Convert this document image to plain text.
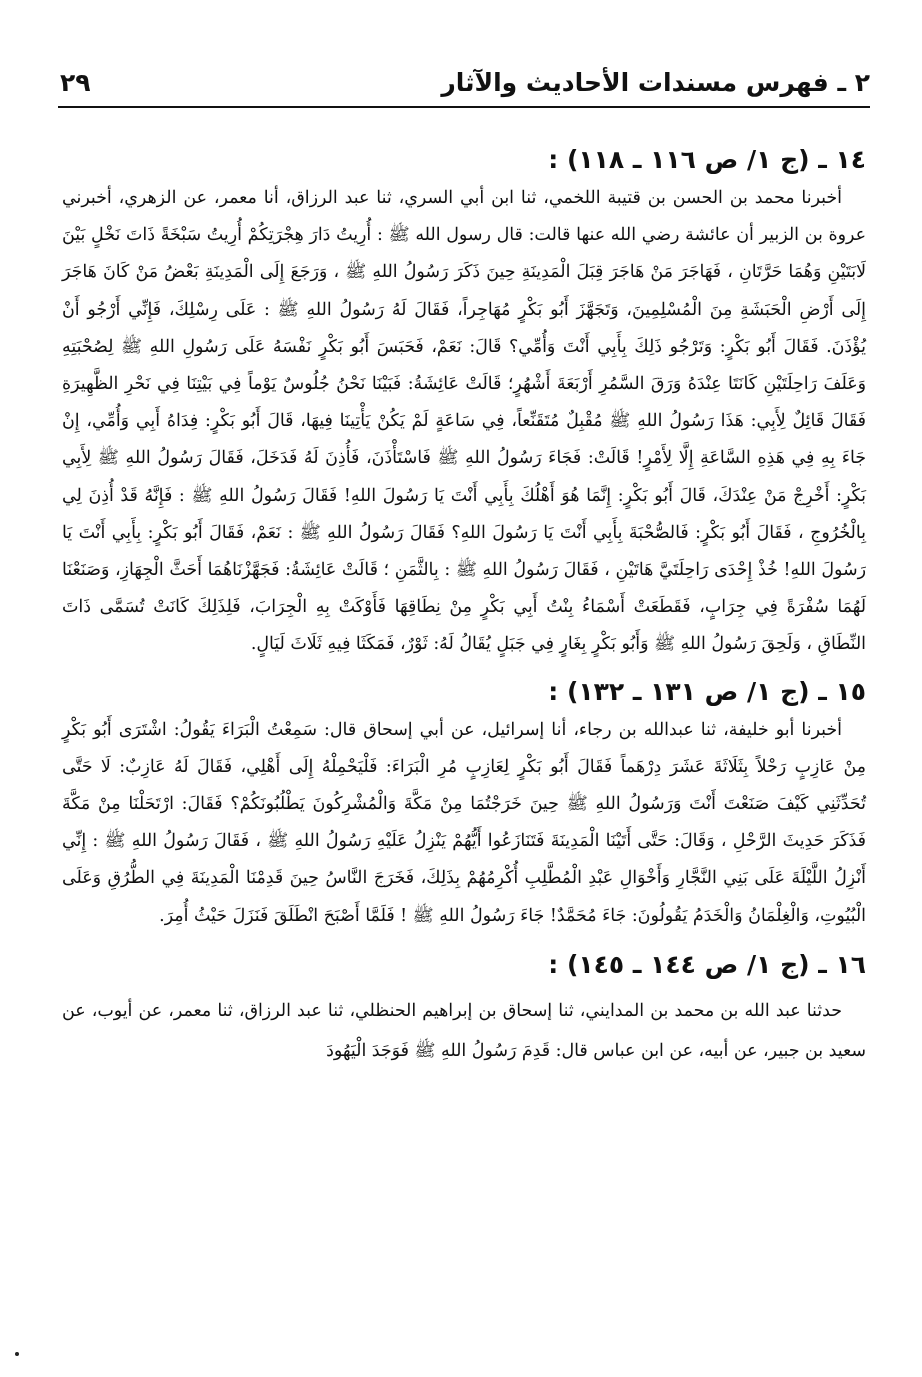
٢ ـ فهرس مسندات الأحاديث والآثار
٢٩
١٤ ـ (ج ١/ ص ١١٦ ـ ١١٨) :

أخبرنا محمد بن الحسن بن قتيبة اللخمي، ثنا ابن أبي السري، ثنا عبد الرزاق، أنا معمر، عن الزهري، أخبرني عروة بن الزبير أن عائشة رضي الله عنها قالت: قال رسول الله ﷺ : أُرِيتُ دَارَ هِجْرَتِكُمْ أُرِيتُ سَبْخَةً ذَاتَ نَخْلٍ بَيْنَ لَابَتَيْنِ وَهُمَا حَرَّتَانِ ، فَهَاجَرَ مَنْ هَاجَرَ قِبَلَ الْمَدِينَةِ حِينَ ذَكَرَ رَسُولُ اللهِ ﷺ ، وَرَجَعَ إِلَى الْمَدِينَةِ بَعْضُ مَنْ كَانَ هَاجَرَ إِلَى أَرْضِ الْحَبَشَةِ مِنَ الْمُسْلِمِينَ، وَتَجَهَّزَ أَبُو بَكْرٍ مُهَاجِراً، فَقَالَ لَهُ رَسُولُ اللهِ ﷺ : عَلَى رِسْلِكَ، فَإِنِّي أَرْجُو أَنْ يُؤْذَنَ. فَقَالَ أَبُو بَكْرٍ: وَتَرْجُو ذَلِكَ بِأَبِي أَنْتَ وَأُمِّي؟ قَالَ: نَعَمْ، فَحَبَسَ أَبُو بَكْرٍ نَفْسَهُ عَلَى رَسُولِ اللهِ ﷺ لِصُحْبَتِهِ وَعَلَفَ رَاحِلَتَيْنِ كَانَتَا عِنْدَهُ وَرَقَ السَّمُرِ أَرْبَعَةَ أَشْهُرٍ؛ قَالَتْ عَائِشَةُ: فَبَيْنَا نَحْنُ جُلُوسٌ يَوْماً فِي بَيْتِنَا فِي نَحْرِ الظَّهِيرَةِ فَقَالَ قَائِلٌ لِأَبِي: هَذَا رَسُولُ اللهِ ﷺ مُقْبِلٌ مُتَقَنِّعاً، فِي سَاعَةٍ لَمْ يَكُنْ يَأْتِينَا فِيهَا، قَالَ أَبُو بَكْرٍ: فِدَاهُ أَبِي وَأُمِّي، إِنْ جَاءَ بِهِ فِي هَذِهِ السَّاعَةِ إِلَّا لِأَمْرٍ! قَالَتْ: فَجَاءَ رَسُولُ اللهِ ﷺ فَاسْتَأْذَنَ، فَأُذِنَ لَهُ فَدَخَلَ، فَقَالَ رَسُولُ اللهِ ﷺ لِأَبِي بَكْرٍ: أَخْرِجْ مَنْ عِنْدَكَ، قَالَ أَبُو بَكْرٍ: إِنَّمَا هُوَ أَهْلُكَ بِأَبِي أَنْتَ يَا رَسُولَ اللهِ! فَقَالَ رَسُولُ اللهِ ﷺ : فَإِنَّهُ قَدْ أُذِنَ لِي بِالْخُرُوجِ ، فَقَالَ أَبُو بَكْرٍ: فَالصُّحْبَةَ بِأَبِي أَنْتَ يَا رَسُولَ اللهِ؟ فَقَالَ رَسُولُ اللهِ ﷺ : نَعَمْ، فَقَالَ أَبُو بَكْرٍ: بِأَبِي أَنْتَ يَا رَسُولَ اللهِ! خُذْ إِحْدَى رَاحِلَتَيَّ هَاتَيْنِ ، فَقَالَ رَسُولُ اللهِ ﷺ : بِالثَّمَنِ ؛ قَالَتْ عَائِشَةُ: فَجَهَّزْنَاهُمَا أَحَثَّ الْجِهَازِ، وَصَنَعْنَا لَهُمَا سُفْرَةً فِي جِرَابٍ، فَقَطَعَتْ أَسْمَاءُ بِنْتُ أَبِي بَكْرٍ مِنْ نِطَاقِهَا فَأَوْكَتْ بِهِ الْجِرَابَ، فَلِذَلِكَ كَانَتْ تُسَمَّى ذَاتَ النِّطَاقِ ، وَلَحِقَ رَسُولُ اللهِ ﷺ وَأَبُو بَكْرٍ بِغَارٍ فِي جَبَلٍ يُقَالُ لَهُ: ثَوْرٌ، فَمَكَثَا فِيهِ ثَلَاثَ لَيَالٍ.

١٥ ـ (ج ١/ ص ١٣١ ـ ١٣٢) :

أخبرنا أبو خليفة، ثنا عبدالله بن رجاء، أنا إسرائيل، عن أبي إسحاق قال: سَمِعْتُ الْبَرَاءَ يَقُولُ: اشْتَرَى أَبُو بَكْرٍ مِنْ عَازِبٍ رَحْلاً بِثَلَاثَةَ عَشَرَ دِرْهَماً فَقَالَ أَبُو بَكْرٍ لِعَازِبٍ مُرِ الْبَرَاءَ: فَلْيَحْمِلْهُ إِلَى أَهْلِي، فَقَالَ لَهُ عَازِبٌ: لَا حَتَّى تُحَدِّثَنِي كَيْفَ صَنَعْتَ أَنْتَ وَرَسُولُ اللهِ ﷺ حِينَ خَرَجْتُمَا مِنْ مَكَّةَ وَالْمُشْرِكُونَ يَطْلُبُونَكُمْ؟ فَقَالَ: ارْتَحَلْنَا مِنْ مَكَّةَ فَذَكَرَ حَدِيثَ الرَّحْلِ ، وَقَالَ: حَتَّى أَتَيْنَا الْمَدِينَةَ فَتَنَازَعُوا أَيُّهُمْ يَنْزِلُ عَلَيْهِ رَسُولُ اللهِ ﷺ ، فَقَالَ رَسُولُ اللهِ ﷺ : إِنِّي أَنْزِلُ اللَّيْلَةَ عَلَى بَنِي النَّجَّارِ وَأَخْوَالِ عَبْدِ الْمُطَّلِبِ أُكْرِمُهُمْ بِذَلِكَ، فَخَرَجَ النَّاسُ حِينَ قَدِمْنَا الْمَدِينَةَ فِي الطُّرُقِ وَعَلَى الْبُيُوتِ، وَالْغِلْمَانُ وَالْخَدَمُ يَقُولُونَ: جَاءَ مُحَمَّدٌ! جَاءَ رَسُولُ اللهِ ﷺ ! فَلَمَّا أَصْبَحَ انْطَلَقَ فَنَزَلَ حَيْثُ أُمِرَ.

١٦ ـ (ج ١/ ص ١٤٤ ـ ١٤٥) :

حدثنا عبد الله بن محمد بن المدايني، ثنا إسحاق بن إبراهيم الحنظلي، ثنا عبد الرزاق، ثنا معمر، عن أيوب، عن سعيد بن جبير، عن أبيه، عن ابن عباس قال: قَدِمَ رَسُولُ اللهِ ﷺ فَوَجَدَ الْيَهُودَ
